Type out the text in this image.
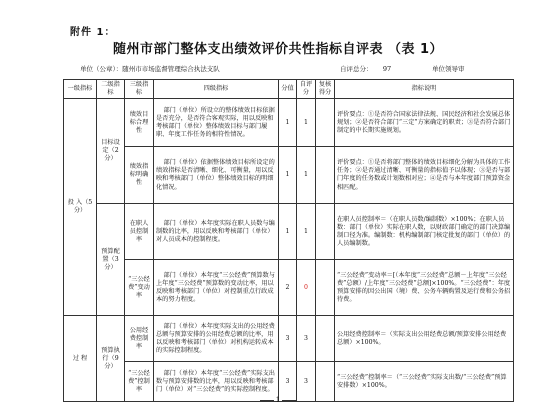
附件 1：
随州市部门整体支出绩效评价共性指标自评表 （表 1）
单位（公章）：随州市市场监督管理综合执法支队	自评总分： 97	单位领导审
一级指标	二级指标	三级指标	四级指标	分值	自评分	复核得分	指标说明
投 入（5分）	目标设定（2分）	绩效目标合理性	部门（单位）所设立的整体绩效目标依据是否充分，是否符合客观实际，用以反映和考核部门（单位）整体绩效目标与部门履职、年度工作任务的相符性情况。	1	1		评价要点：①是否符合国家法律法规、国民经济和社会发展总体规划；②是否符合部门“三定”方案确定的职责；③是否符合部门制定的中长期实施规划。
		绩效指标明确性	部门（单位）依据整体绩效目标所设定的绩效指标是否清晰、细化、可衡量，用以反映和考核部门（单位）整体绩效目标的明细化情况。	1	1		评价要点：①是否将部门整体的绩效目标细化分解为具体的工作任务；②是否通过清晰、可衡量的指标值予以体现；③是否与部门年度的任务数或计划数相对应；④是否与本年度部门预算资金相匹配。
	预算配置（3分）	在职人员控制率	部门（单位）本年度实际在职人员数与编制数的比率，用以反映和考核部门（单位）对人员成本的控制程度。	1	1		在职人员控制率＝（在职人员数/编制数）×100%；在职人员数：部门（单位）实际在职人数，以财政部门确定的部门决算编制口径为准。编制数：机构编制部门核定批复的部门（单位）的人员编制数。
		“三公经费”变动率	部门（单位）本年度“三公经费”预算数与上年度“三公经费”预算数的变动比率，用以反映和考核部门（单位）对控制重点行政成本的努力程度。	2	0		“三公经费”变动率＝[（本年度“三公经费”总额－上年度“三公经费”总额）/上年度“三公经费”总额]×100%。“三公经费”：年度预算安排的因公出国（境）费、公务车辆购置及运行费和公务招待费。
过 程	预算执行（9分）	公用经费控制率	部门（单位）本年度实际支出的公用经费总额与预算安排的公用经费总额的比率，用以反映和考核部门（单位）对机构运转成本的实际控制程度。	3	3		公用经费控制率＝（实际支出公用经费总额/预算安排公用经费总额）×100%。
		“三公经费”控制率	部门（单位）本年度“三公经费”实际支出数与预算安排数的比率，用以反映和考核部门（单位）对“三公经费”的实际控制程度。	3	3		“三公经费”控制率＝（“三公经费”实际支出数/“三公经费”预算安排数）×100%。
1
